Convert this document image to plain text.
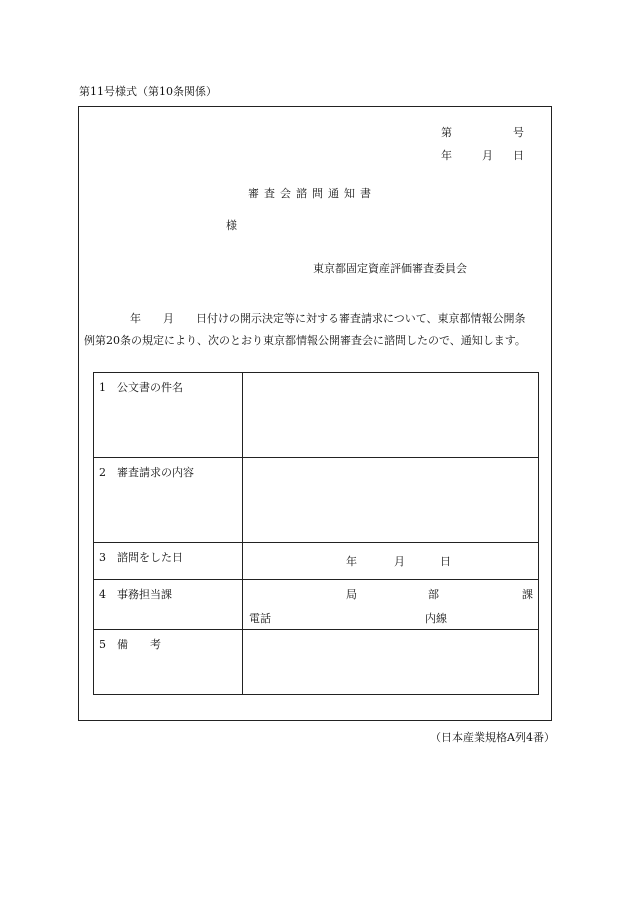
第11号様式（第10条関係）
第	号
年	月 日
審査会諮問通知書
様
東京都固定資産評価審査委員会

年　　月　　日付けの開示決定等に対する審査請求について、東京都情報公開条

例第20条の規定により、次のとおり東京都情報公開審査会に諮問したので、通知します。

1 公文書の件名	
2 審査請求の内容	
3 諮問をした日	年 月 日

4 事務担当課	局 部 課
電話 内線

5 備　　考	
（日本産業規格A列4番）
